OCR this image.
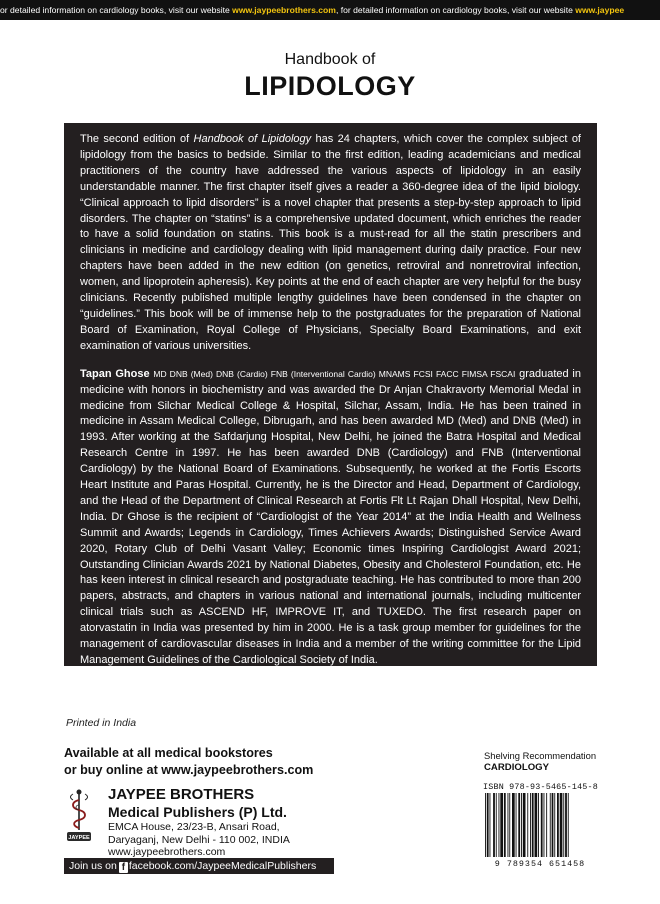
or detailed information on cardiology books, visit our website www.jaypeebrothers.com, for detailed information on cardiology books, visit our website www.jaypee
Handbook of
LIPIDOLOGY

The second edition of Handbook of Lipidology has 24 chapters, which cover the complex subject of lipidology from the basics to bedside. Similar to the first edition, leading academicians and medical practitioners of the country have addressed the various aspects of lipidology in an easily understandable manner. The first chapter itself gives a reader a 360-degree idea of the lipid biology. “Clinical approach to lipid disorders” is a novel chapter that presents a step-by-step approach to lipid disorders. The chapter on “statins” is a comprehensive updated document, which enriches the reader to have a solid foundation on statins. This book is a must-read for all the statin prescribers and clinicians in medicine and cardiology dealing with lipid management during daily practice. Four new chapters have been added in the new edition (on genetics, retroviral and nonretroviral infection, women, and lipoprotein apheresis). Key points at the end of each chapter are very helpful for the busy clinicians. Recently published multiple lengthy guidelines have been condensed in the chapter on “guidelines.” This book will be of immense help to the postgraduates for the preparation of National Board of Examination, Royal College of Physicians, Specialty Board Examinations, and exit examination of various universities.

Tapan Ghose MD DNB (Med) DNB (Cardio) FNB (Interventional Cardio) MNAMS FCSI FACC FIMSA FSCAI graduated in medicine with honors in biochemistry and was awarded the Dr Anjan Chakravorty Memorial Medal in medicine from Silchar Medical College & Hospital, Silchar, Assam, India. He has been trained in medicine in Assam Medical College, Dibrugarh, and has been awarded MD (Med) and DNB (Med) in 1993. After working at the Safdarjung Hospital, New Delhi, he joined the Batra Hospital and Medical Research Centre in 1997. He has been awarded DNB (Cardiology) and FNB (Interventional Cardiology) by the National Board of Examinations. Subsequently, he worked at the Fortis Escorts Heart Institute and Paras Hospital. Currently, he is the Director and Head, Department of Cardiology, and the Head of the Department of Clinical Research at Fortis Flt Lt Rajan Dhall Hospital, New Delhi, India. Dr Ghose is the recipient of “Cardiologist of the Year 2014” at the India Health and Wellness Summit and Awards; Legends in Cardiology, Times Achievers Awards; Distinguished Service Award 2020, Rotary Club of Delhi Vasant Valley; Economic times Inspiring Cardiologist Award 2021; Outstanding Clinician Awards 2021 by National Diabetes, Obesity and Cholesterol Foundation, etc. He has keen interest in clinical research and postgraduate teaching. He has contributed to more than 200 papers, abstracts, and chapters in various national and international journals, including multicenter clinical trials such as ASCEND HF, IMPROVE IT, and TUXEDO. The first research paper on atorvastatin in India was presented by him in 2000. He is a task group member for guidelines for the management of cardiovascular diseases in India and a member of the writing committee for the Lipid Management Guidelines of the Cardiological Society of India.

Printed in India
Available at all medical bookstores
or buy online at www.jaypeebrothers.com
JAYPEE
JAYPEE BROTHERS
Medical Publishers (P) Ltd.
EMCA House, 23/23-B, Ansari Road,
Daryaganj, New Delhi - 110 002, INDIA
www.jaypeebrothers.com
Join us on f facebook.com/JaypeeMedicalPublishers
Shelving Recommendation
CARDIOLOGY
ISBN 978-93-5465-145-8
9 789354 651458
